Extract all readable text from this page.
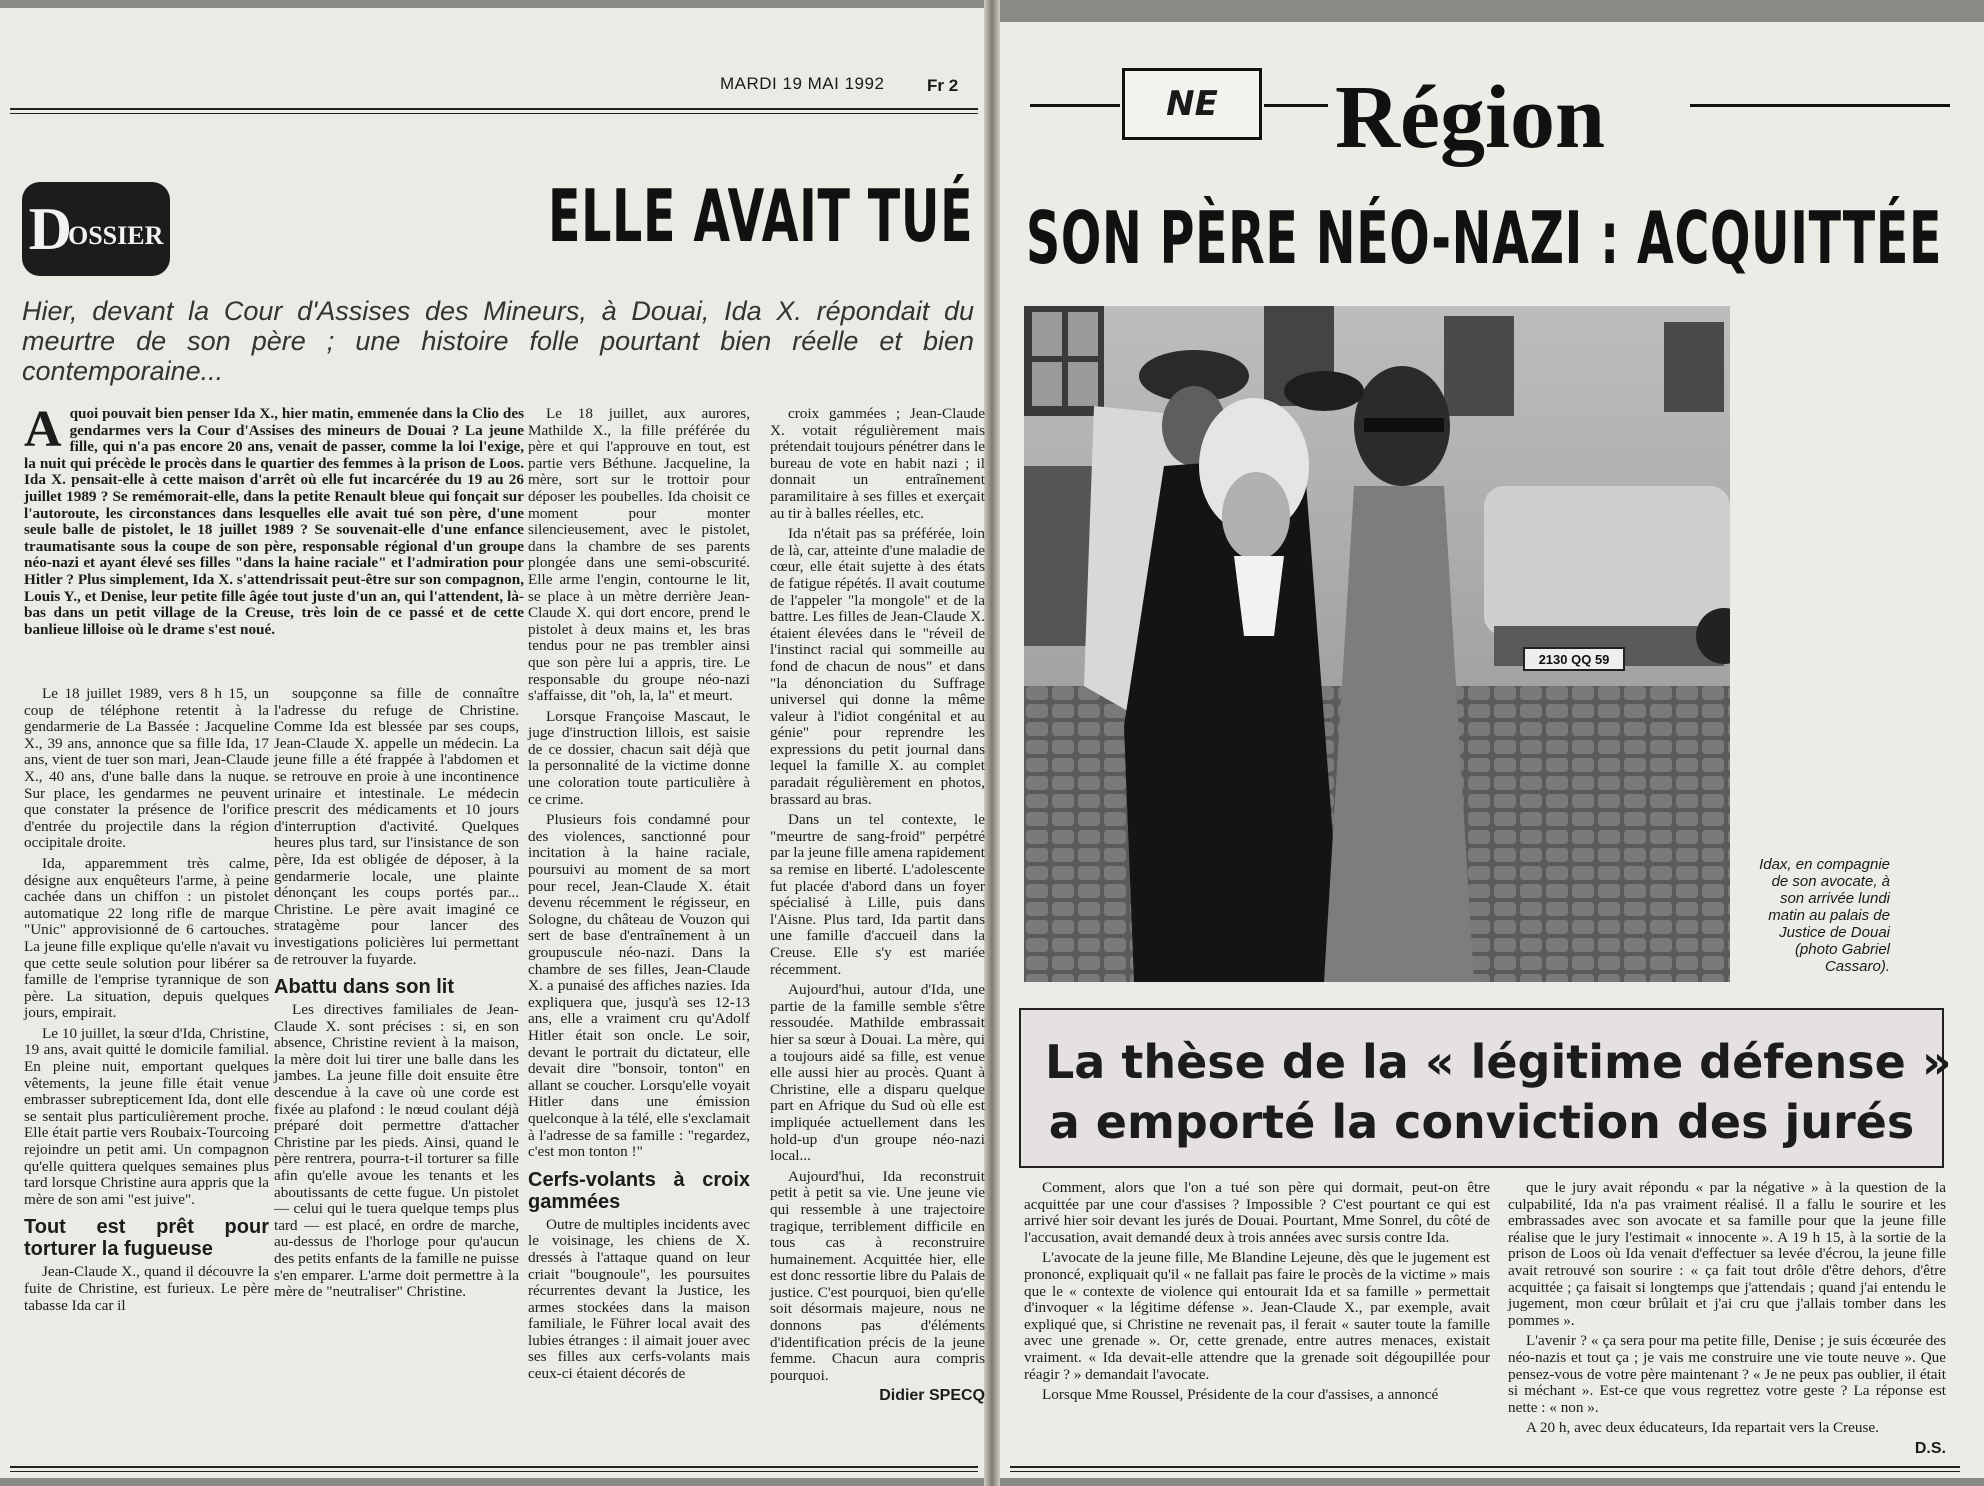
MARDI 19 MAI 1992	Fr 2
D
OSSIER	ELLE AVAIT TUÉ
Hier, devant la Cour d'Assises des Mineurs, à Douai, Ida X. répondait du meurtre de son père ; une histoire folle pourtant bien réelle et bien contemporaine...
A quoi pouvait bien penser Ida X., hier matin, emmenée dans la Clio des gendarmes vers la Cour d'Assises des mineurs de Douai ? La jeune fille, qui n'a pas encore 20 ans, venait de passer, comme la loi l'exige, la nuit qui précède le procès dans le quartier des femmes à la prison de Loos. Ida X. pensait-elle à cette maison d'arrêt où elle fut incarcérée du 19 au 26 juillet 1989 ? Se remémorait-elle, dans la petite Renault bleue qui fonçait sur l'autoroute, les circonstances dans lesquelles elle avait tué son père, d'une seule balle de pistolet, le 18 juillet 1989 ? Se souvenait-elle d'une enfance traumatisante sous la coupe de son père, responsable régional d'un groupe néo-nazi et ayant élevé ses filles "dans la haine raciale" et l'admiration pour Hitler ? Plus simplement, Ida X. s'attendrissait peut-être sur son compagnon, Louis Y., et Denise, leur petite fille âgée tout juste d'un an, qui l'attendent, là-bas dans un petit village de la Creuse, très loin de ce passé et de cette banlieue lilloise où le drame s'est noué.

Le 18 juillet 1989, vers 8 h 15, un coup de téléphone retentit à la gendarmerie de La Bassée : Jacqueline X., 39 ans, annonce que sa fille Ida, 17 ans, vient de tuer son mari, Jean-Claude X., 40 ans, d'une balle dans la nuque. Sur place, les gendarmes ne peuvent que constater la présence de l'orifice d'entrée du projectile dans la région occipitale droite.

Ida, apparemment très calme, désigne aux enquêteurs l'arme, à peine cachée dans un chiffon : un pistolet automatique 22 long rifle de marque "Unic" approvisionné de 6 cartouches. La jeune fille explique qu'elle n'avait vu que cette seule solution pour libérer sa famille de l'emprise tyrannique de son père. La situation, depuis quelques jours, empirait.

Le 10 juillet, la sœur d'Ida, Christine, 19 ans, avait quitté le domicile familial. En pleine nuit, emportant quelques vêtements, la jeune fille était venue embrasser subrepticement Ida, dont elle se sentait plus particulièrement proche. Elle était partie vers Roubaix-Tourcoing rejoindre un petit ami. Un compagnon qu'elle quittera quelques semaines plus tard lorsque Christine aura appris que la mère de son ami "est juive".

Tout est prêt pour torturer la fugueuse

Jean-Claude X., quand il découvre la fuite de Christine, est furieux. Le père tabasse Ida car il

soupçonne sa fille de connaître l'adresse du refuge de Christine. Comme Ida est blessée par ses coups, Jean-Claude X. appelle un médecin. La jeune fille a été frappée à l'abdomen et se retrouve en proie à une incontinence urinaire et intestinale. Le médecin prescrit des médicaments et 10 jours d'interruption d'activité. Quelques heures plus tard, sur l'insistance de son père, Ida est obligée de déposer, à la gendarmerie locale, une plainte dénonçant les coups portés par... Christine. Le père avait imaginé ce stratagème pour lancer des investigations policières lui permettant de retrouver la fuyarde.

Abattu dans son lit

Les directives familiales de Jean-Claude X. sont précises : si, en son absence, Christine revient à la maison, la mère doit lui tirer une balle dans les jambes. La jeune fille doit ensuite être descendue à la cave où une corde est fixée au plafond : le nœud coulant déjà préparé doit permettre d'attacher Christine par les pieds. Ainsi, quand le père rentrera, pourra-t-il torturer sa fille afin qu'elle avoue les tenants et les aboutissants de cette fugue. Un pistolet — celui qui le tuera quelque temps plus tard — est placé, en ordre de marche, au-dessus de l'horloge pour qu'aucun des petits enfants de la famille ne puisse s'en emparer. L'arme doit permettre à la mère de "neutraliser" Christine.

Le 18 juillet, aux aurores, Mathilde X., la fille préférée du père et qui l'approuve en tout, est partie vers Béthune. Jacqueline, la mère, sort sur le trottoir pour déposer les poubelles. Ida choisit ce moment pour monter silencieusement, avec le pistolet, dans la chambre de ses parents plongée dans une semi-obscurité. Elle arme l'engin, contourne le lit, se place à un mètre derrière Jean-Claude X. qui dort encore, prend le pistolet à deux mains et, les bras tendus pour ne pas trembler ainsi que son père lui a appris, tire. Le responsable du groupe néo-nazi s'affaisse, dit "oh, la, la" et meurt.

Lorsque Françoise Mascaut, le juge d'instruction lillois, est saisie de ce dossier, chacun sait déjà que la personnalité de la victime donne une coloration toute particulière à ce crime.

Plusieurs fois condamné pour des violences, sanctionné pour incitation à la haine raciale, poursuivi au moment de sa mort pour recel, Jean-Claude X. était devenu récemment le régisseur, en Sologne, du château de Vouzon qui sert de base d'entraînement à un groupuscule néo-nazi. Dans la chambre de ses filles, Jean-Claude X. a punaisé des affiches nazies. Ida expliquera que, jusqu'à ses 12-13 ans, elle a vraiment cru qu'Adolf Hitler était son oncle. Le soir, devant le portrait du dictateur, elle devait dire "bonsoir, tonton" en allant se coucher. Lorsqu'elle voyait Hitler dans une émission quelconque à la télé, elle s'exclamait à l'adresse de sa famille : "regardez, c'est mon tonton !"

Cerfs-volants à croix gammées

Outre de multiples incidents avec le voisinage, les chiens de X. dressés à l'attaque quand on leur criait "bougnoule", les poursuites récurrentes devant la Justice, les armes stockées dans la maison familiale, le Führer local avait des lubies étranges : il aimait jouer avec ses filles aux cerfs-volants mais ceux-ci étaient décorés de

croix gammées ; Jean-Claude X. votait régulièrement mais prétendait toujours pénétrer dans le bureau de vote en habit nazi ; il donnait un entraînement paramilitaire à ses filles et exerçait au tir à balles réelles, etc.

Ida n'était pas sa préférée, loin de là, car, atteinte d'une maladie de cœur, elle était sujette à des états de fatigue répétés. Il avait coutume de l'appeler "la mongole" et de la battre. Les filles de Jean-Claude X. étaient élevées dans le "réveil de l'instinct racial qui sommeille au fond de chacun de nous" et dans "la dénonciation du Suffrage universel qui donne la même valeur à l'idiot congénital et au génie" pour reprendre les expressions du petit journal dans lequel la famille X. au complet paradait régulièrement en photos, brassard au bras.

Dans un tel contexte, le "meurtre de sang-froid" perpétré par la jeune fille amena rapidement sa remise en liberté. L'adolescente fut placée d'abord dans un foyer spécialisé à Lille, puis dans l'Aisne. Plus tard, Ida partit dans une famille d'accueil dans la Creuse. Elle s'y est mariée récemment.

Aujourd'hui, autour d'Ida, une partie de la famille semble s'être ressoudée. Mathilde embrassait hier sa sœur à Douai. La mère, qui a toujours aidé sa fille, est venue elle aussi hier au procès. Quant à Christine, elle a disparu quelque part en Afrique du Sud où elle est impliquée actuellement dans les hold-up d'un groupe néo-nazi local...

Aujourd'hui, Ida reconstruit petit à petit sa vie. Une jeune vie qui ressemble à une trajectoire tragique, terriblement difficile en tous cas à reconstruire humainement. Acquittée hier, elle est donc ressortie libre du Palais de justice. C'est pourquoi, bien qu'elle soit désormais majeure, nous ne donnons pas d'éléments d'identification précis de la jeune femme. Chacun aura compris pourquoi.

Didier SPECQ
NE Région
SON PÈRE NÉO-NAZI : ACQUITTÉE
2130 QQ 59
Idax, en compagnie de son avocate, à son arrivée lundi matin au palais de Justice de Douai (photo Gabriel Cassaro).
La thèse de la « légitime défense »
a emporté la conviction des jurés

Comment, alors que l'on a tué son père qui dormait, peut-on être acquittée par une cour d'assises ? Impossible ? C'est pourtant ce qui est arrivé hier soir devant les jurés de Douai. Pourtant, Mme Sonrel, du côté de l'accusation, avait demandé deux à trois années avec sursis contre Ida.

L'avocate de la jeune fille, Me Blandine Lejeune, dès que le jugement est prononcé, expliquait qu'il « ne fallait pas faire le procès de la victime » mais que le « contexte de violence qui entourait Ida et sa famille » permettait d'invoquer « la légitime défense ». Jean-Claude X., par exemple, avait expliqué que, si Christine ne revenait pas, il ferait « sauter toute la famille avec une grenade ». Or, cette grenade, entre autres menaces, existait vraiment. « Ida devait-elle attendre que la grenade soit dégoupillée pour réagir ? » demandait l'avocate.

Lorsque Mme Roussel, Présidente de la cour d'assises, a annoncé

que le jury avait répondu « par la négative » à la question de la culpabilité, Ida n'a pas vraiment réalisé. Il a fallu le sourire et les embrassades avec son avocate et sa famille pour que la jeune fille réalise que le jury l'estimait « innocente ». A 19 h 15, à la sortie de la prison de Loos où Ida venait d'effectuer sa levée d'écrou, la jeune fille avait retrouvé son sourire : « ça fait tout drôle d'être dehors, d'être acquittée ; ça faisait si longtemps que j'attendais ; quand j'ai entendu le jugement, mon cœur brûlait et j'ai cru que j'allais tomber dans les pommes ».

L'avenir ? « ça sera pour ma petite fille, Denise ; je suis écœurée des néo-nazis et tout ça ; je vais me construire une vie toute neuve ». Que pensez-vous de votre père maintenant ? « Je ne peux pas oublier, il était si méchant ». Est-ce que vous regrettez votre geste ? La réponse est nette : « non ».

A 20 h, avec deux éducateurs, Ida repartait vers la Creuse.

D.S.
